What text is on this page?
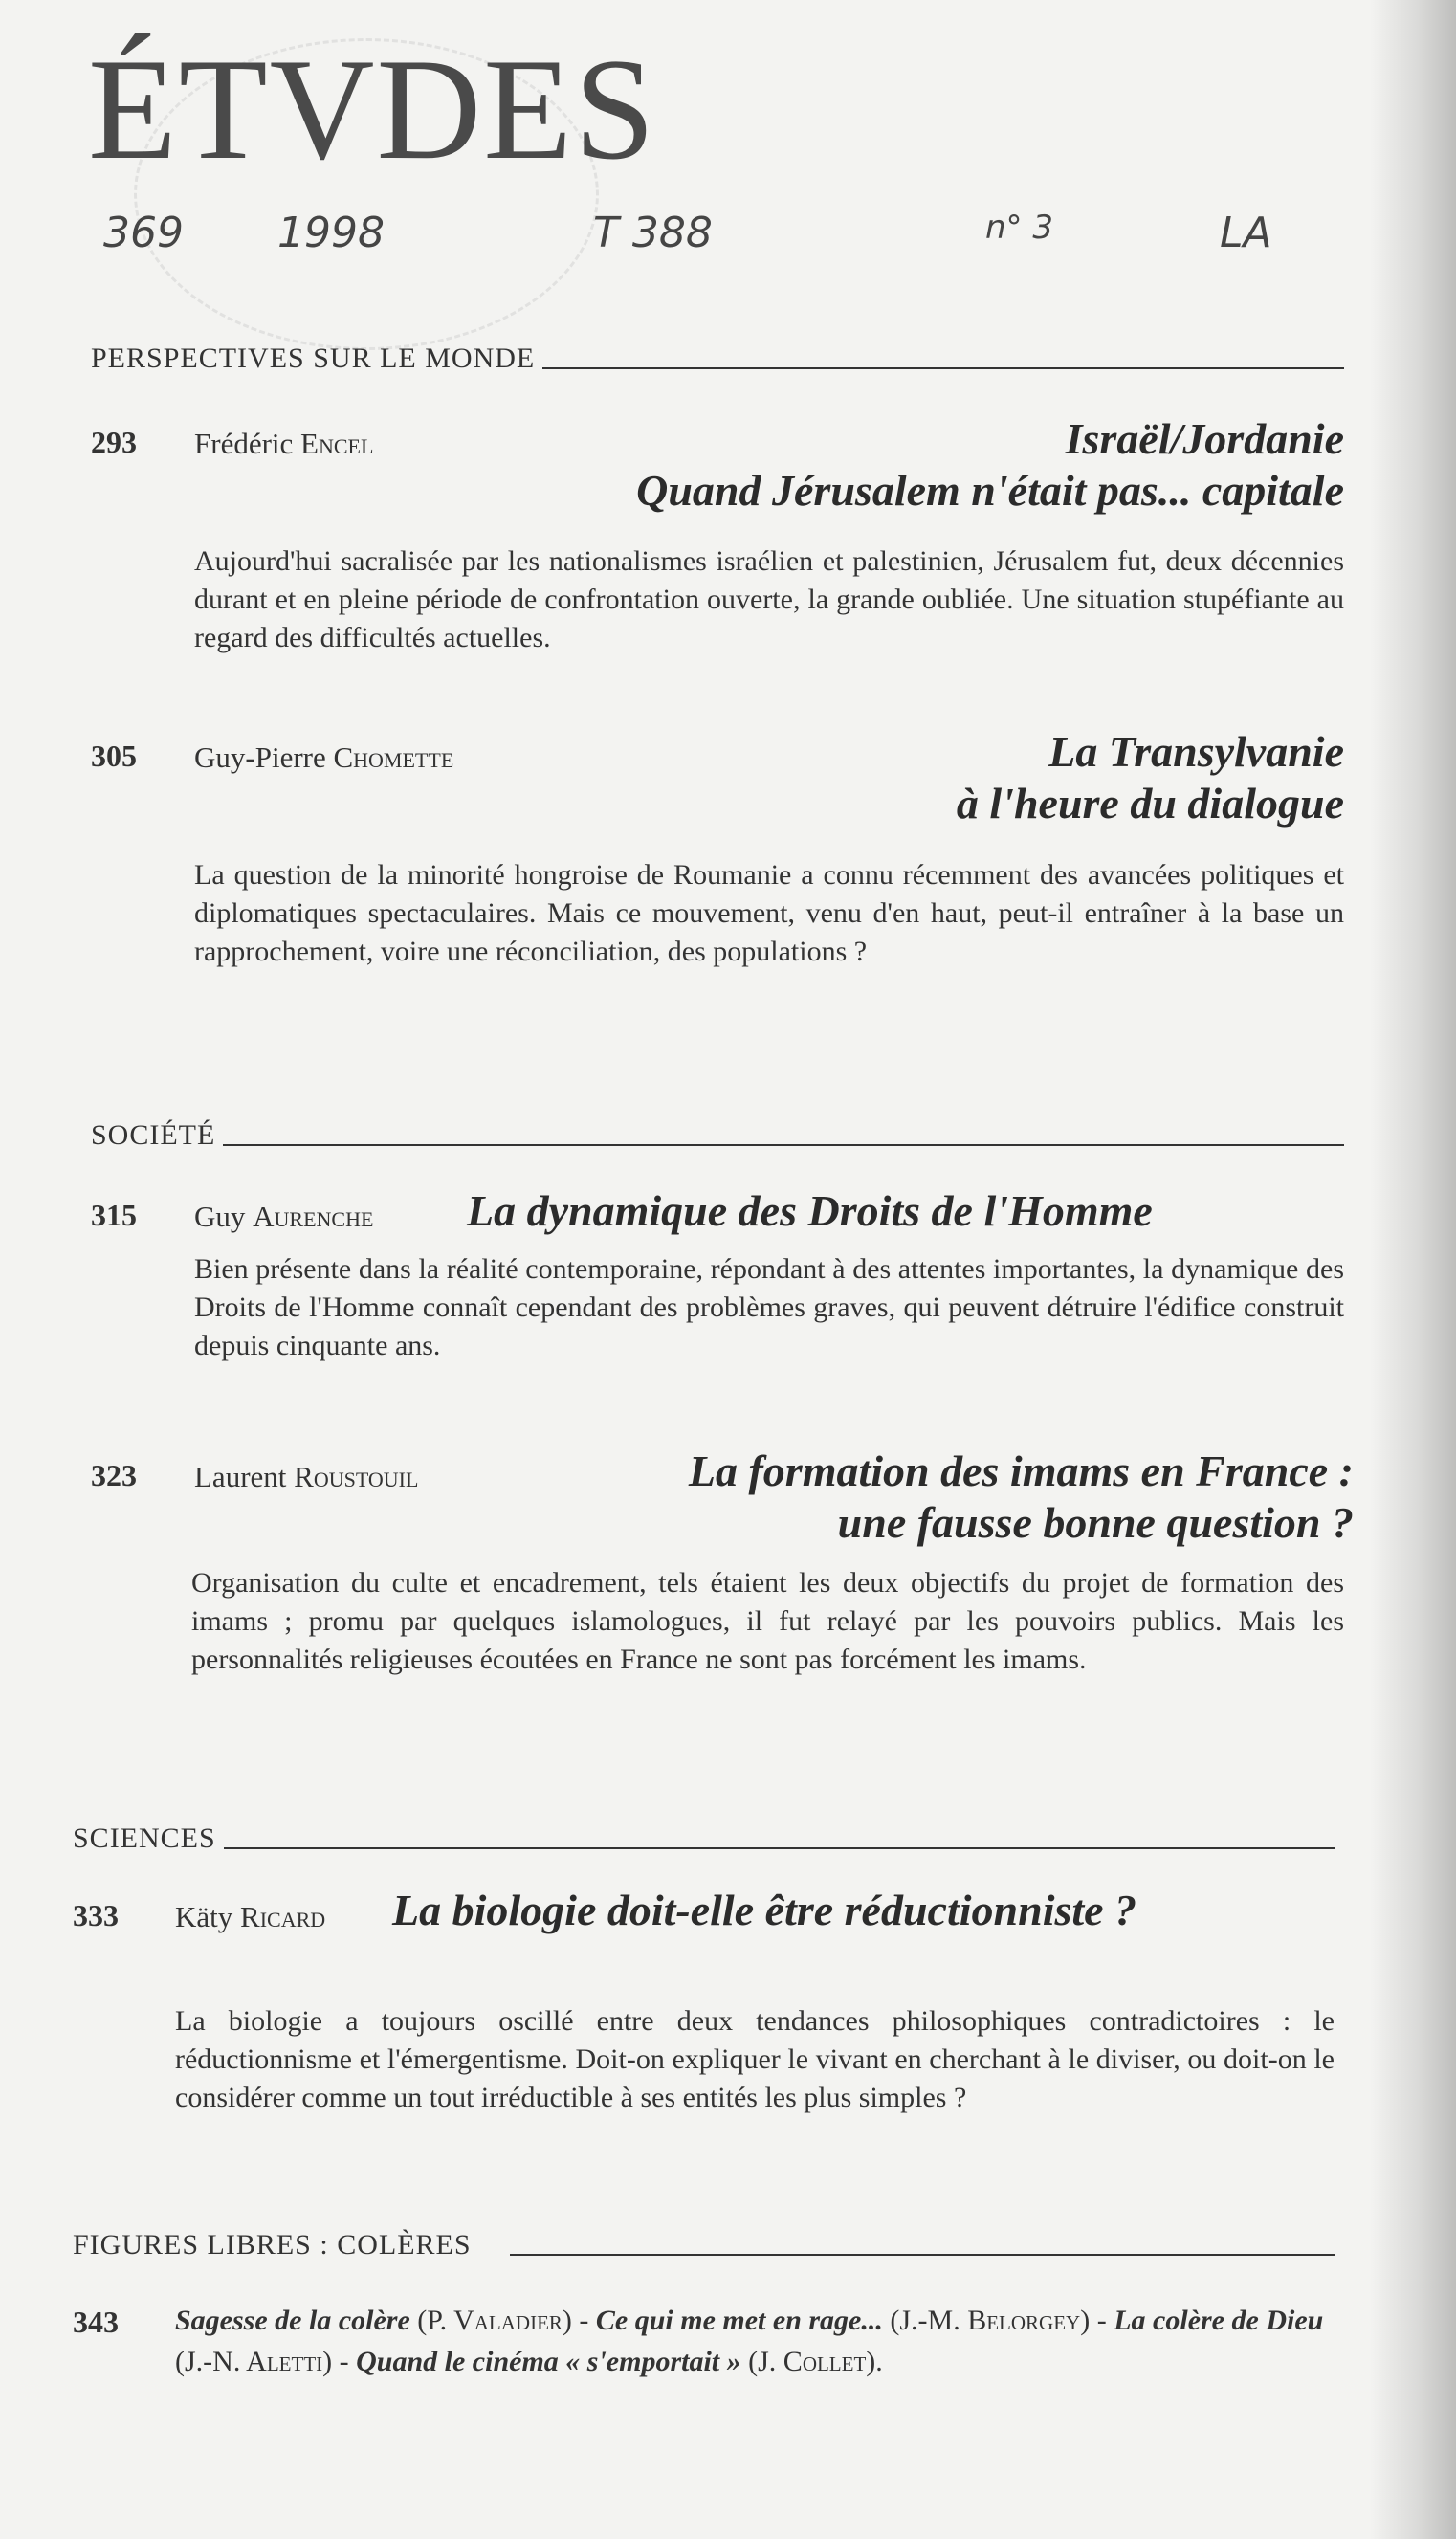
ÉTVDES
369 1998	T 388	n° 3	LA
PERSPECTIVES SUR LE MONDE
293 Frédéric Encel	Israël/Jordanie
Quand Jérusalem n'était pas... capitale
Aujourd'hui sacralisée par les nationalismes israélien et palestinien, Jérusalem fut, deux décennies durant et en pleine période de confrontation ouverte, la grande oubliée. Une situation stupéfiante au regard des difficultés actuelles.
305 Guy-Pierre Chomette	La Transylvanie
à l'heure du dialogue
La question de la minorité hongroise de Roumanie a connu récemment des avancées politiques et diplomatiques spectaculaires. Mais ce mouvement, venu d'en haut, peut-il entraîner à la base un rapprochement, voire une réconciliation, des populations ?
SOCIÉTÉ
315 Guy Aurenche La dynamique des Droits de l'Homme
Bien présente dans la réalité contemporaine, répondant à des attentes importantes, la dynamique des Droits de l'Homme connaît cependant des problèmes graves, qui peuvent détruire l'édifice construit depuis cinquante ans.
323 Laurent Roustouil	La formation des imams en France :
une fausse bonne question ?
Organisation du culte et encadrement, tels étaient les deux objectifs du projet de formation des imams ; promu par quelques islamologues, il fut relayé par les pouvoirs publics. Mais les personnalités religieuses écoutées en France ne sont pas forcément les imams.
SCIENCES
333 Käty Ricard La biologie doit-elle être réductionniste ?
La biologie a toujours oscillé entre deux tendances philosophiques contradictoires : le réductionnisme et l'émergentisme. Doit-on expliquer le vivant en cherchant à le diviser, ou doit-on le considérer comme un tout irréductible à ses entités les plus simples ?
FIGURES LIBRES : COLÈRES
343 Sagesse de la colère (P. Valadier) - Ce qui me met en rage... (J.-M. Belorgey) - La colère de Dieu (J.-N. Aletti) - Quand le cinéma « s'emportait » (J. Collet).
